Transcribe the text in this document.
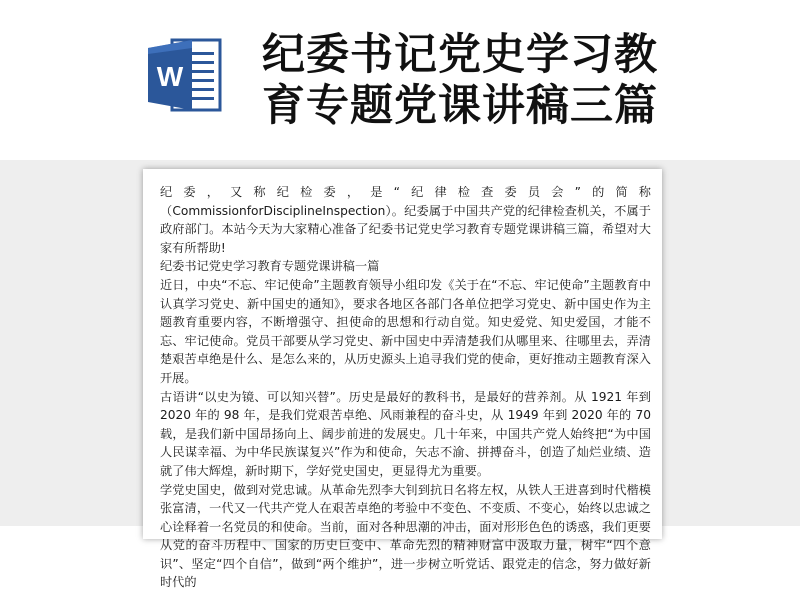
W 纪委书记党史学习教
育专题党课讲稿三篇

纪委，又称纪检委，是“纪律检查委员会”的简称（CommissionforDisciplineInspection）。纪委属于中国共产党的纪律检查机关，不属于政府部门。本站今天为大家精心准备了纪委书记党史学习教育专题党课讲稿三篇，希望对大家有所帮助!

纪委书记党史学习教育专题党课讲稿一篇

近日，中央“不忘、牢记使命”主题教育领导小组印发《关于在“不忘、牢记使命”主题教育中认真学习党史、新中国史的通知》，要求各地区各部门各单位把学习党史、新中国史作为主题教育重要内容，不断增强守、担使命的思想和行动自觉。知史爱党、知史爱国，才能不忘、牢记使命。党员干部要从学习党史、新中国史中弄清楚我们从哪里来、往哪里去，弄清楚艰苦卓绝是什么、是怎么来的，从历史源头上追寻我们党的使命，更好推动主题教育深入开展。

古语讲“以史为镜、可以知兴替”。历史是最好的教科书，是最好的营养剂。从 1921 年到 2020 年的 98 年，是我们党艰苦卓绝、风雨兼程的奋斗史，从 1949 年到 2020 年的 70 载，是我们新中国昂扬向上、阔步前进的发展史。几十年来，中国共产党人始终把“为中国人民谋幸福、为中华民族谋复兴”作为和使命，矢志不渝、拼搏奋斗，创造了灿烂业绩、造就了伟大辉煌，新时期下，学好党史国史，更显得尤为重要。

学党史国史，做到对党忠诚。从革命先烈李大钊到抗日名将左权，从铁人王进喜到时代楷模张富清，一代又一代共产党人在艰苦卓绝的考验中不变色、不变质、不变心，始终以忠诚之心诠释着一名党员的和使命。当前，面对各种思潮的冲击，面对形形色色的诱惑，我们更要从党的奋斗历程中、国家的历史巨变中、革命先烈的精神财富中汲取力量，树牢“四个意识”、坚定“四个自信”，做到“两个维护”，进一步树立听党话、跟党走的信念，努力做好新时代的
